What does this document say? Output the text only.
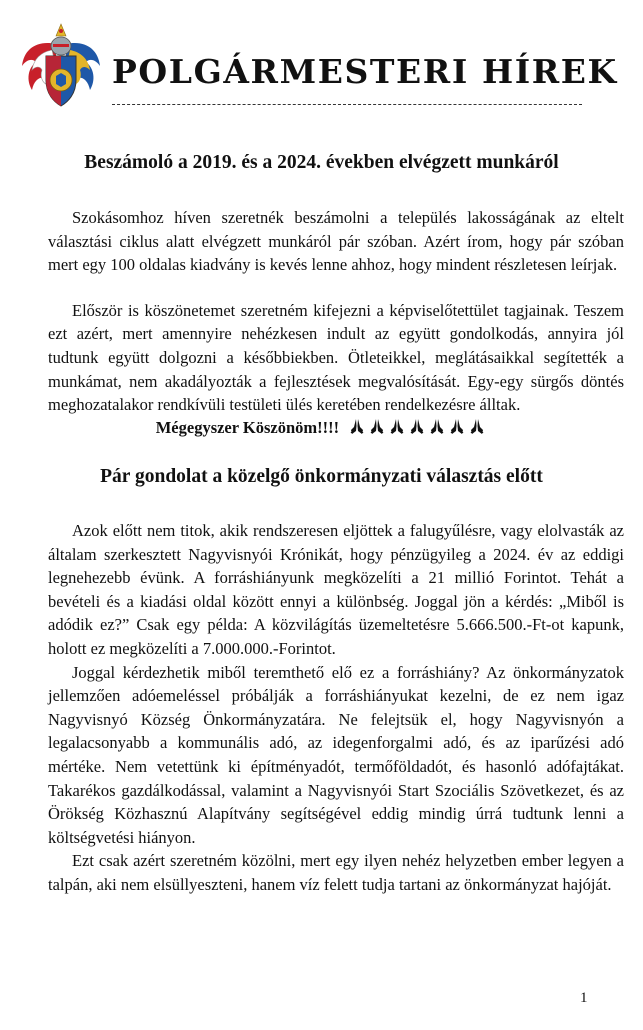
POLGÁRMESTERI HÍREK
Beszámoló a 2019. és a 2024. években elvégzett munkáról

Szokásomhoz híven szeretnék beszámolni a település lakosságának az eltelt választási ciklus alatt elvégzett munkáról pár szóban. Azért írom, hogy pár szóban mert egy 100 oldalas kiadvány is kevés lenne ahhoz, hogy mindent részletesen leírjak.

Először is köszönetemet szeretném kifejezni a képviselőtettület tagjainak. Teszem ezt azért, mert amennyire nehézkesen indult az együtt gondolkodás, annyira jól tudtunk együtt dolgozni a későbbiekben. Ötleteikkel, meglátásaikkal segítették a munkámat, nem akadályozták a fejlesztések megvalósítását. Egy-egy sürgős döntés meghozatalakor rendkívüli testületi ülés keretében rendelkezésre álltak.

Mégegyszer Köszönöm!!!!
Pár gondolat a közelgő önkormányzati választás előtt

Azok előtt nem titok, akik rendszeresen eljöttek a falugyűlésre, vagy elolvasták az általam szerkesztett Nagyvisnyói Krónikát, hogy pénzügyileg a 2024. év az eddigi legnehezebb évünk. A forráshiányunk megközelíti a 21 millió Forintot. Tehát a bevételi és a kiadási oldal között ennyi a különbség. Joggal jön a kérdés: „Miből is adódik ez?” Csak egy példa: A közvilágítás üzemeltetésre 5.666.500.-Ft-ot kapunk, holott ez megközelíti a 7.000.000.-Forintot.

Joggal kérdezhetik miből teremthető elő ez a forráshiány? Az önkormányzatok jellemzően adóemeléssel próbálják a forráshiányukat kezelni, de ez nem igaz Nagyvisnyó Község Önkormányzatára. Ne felejtsük el, hogy Nagyvisnyón a legalacsonyabb a kommunális adó, az idegenforgalmi adó, és az iparűzési adó mértéke. Nem vetettünk ki építményadót, termőföldadót, és hasonló adófajtákat. Takarékos gazdálkodással, valamint a Nagyvisnyói Start Szociális Szövetkezet, és az Örökség Közhasznú Alapítvány segítségével eddig mindig úrrá tudtunk lenni a költségvetési hiányon.

Ezt csak azért szeretném közölni, mert egy ilyen nehéz helyzetben ember legyen a talpán, aki nem elsüllyeszteni, hanem víz felett tudja tartani az önkormányzat hajóját.

1
